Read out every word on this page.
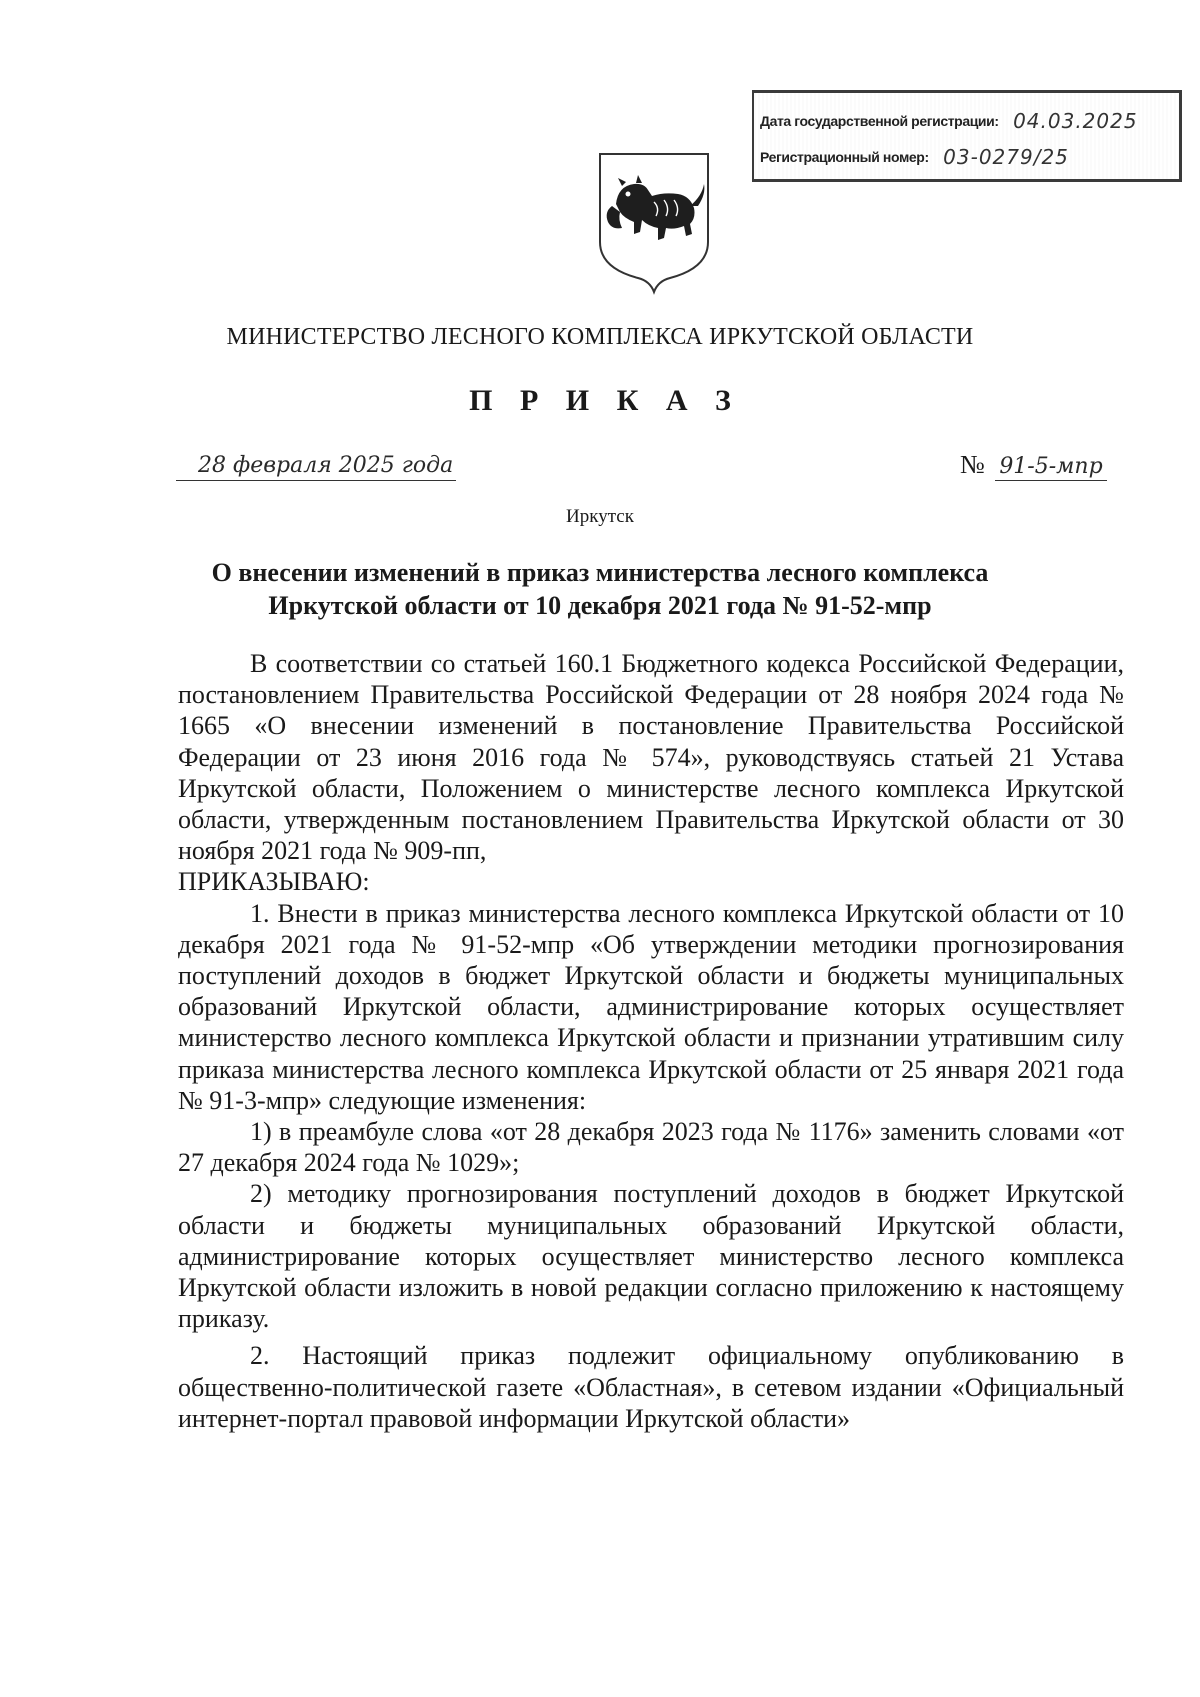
Дата государственной регистрации: 04.03.2025
Регистрационный номер: 03-0279/25
МИНИСТЕРСТВО ЛЕСНОГО КОМПЛЕКСА ИРКУТСКОЙ ОБЛАСТИ
П Р И К А З
28 февраля 2025 года	№ 91-5-мпр
Иркутск
О внесении изменений в приказ министерства лесного комплекса
Иркутской области от 10 декабря 2021 года № 91-52-мпр

В соответствии со статьей 160.1 Бюджетного кодекса Российской Федерации, постановлением Правительства Российской Федерации от 28 ноября 2024 года № 1665 «О внесении изменений в постановление Правительства Российской Федерации от 23 июня 2016 года № 574», руководствуясь статьей 21 Устава Иркутской области, Положением о министерстве лесного комплекса Иркутской области, утвержденным постановлением Правительства Иркутской области от 30 ноября 2021 года № 909-пп,

ПРИКАЗЫВАЮ:

1. Внести в приказ министерства лесного комплекса Иркутской области от 10 декабря 2021 года № 91-52-мпр «Об утверждении методики прогнозирования поступлений доходов в бюджет Иркутской области и бюджеты муниципальных образований Иркутской области, администрирование которых осуществляет министерство лесного комплекса Иркутской области и признании утратившим силу приказа министерства лесного комплекса Иркутской области от 25 января 2021 года № 91-3-мпр» следующие изменения:

1) в преамбуле слова «от 28 декабря 2023 года № 1176» заменить словами «от 27 декабря 2024 года № 1029»;

2) методику прогнозирования поступлений доходов в бюджет Иркутской области и бюджеты муниципальных образований Иркутской области, администрирование которых осуществляет министерство лесного комплекса Иркутской области изложить в новой редакции согласно приложению к настоящему приказу.

2. Настоящий приказ подлежит официальному опубликованию в общественно-политической газете «Областная», в сетевом издании «Официальный интернет-портал правовой информации Иркутской области»
